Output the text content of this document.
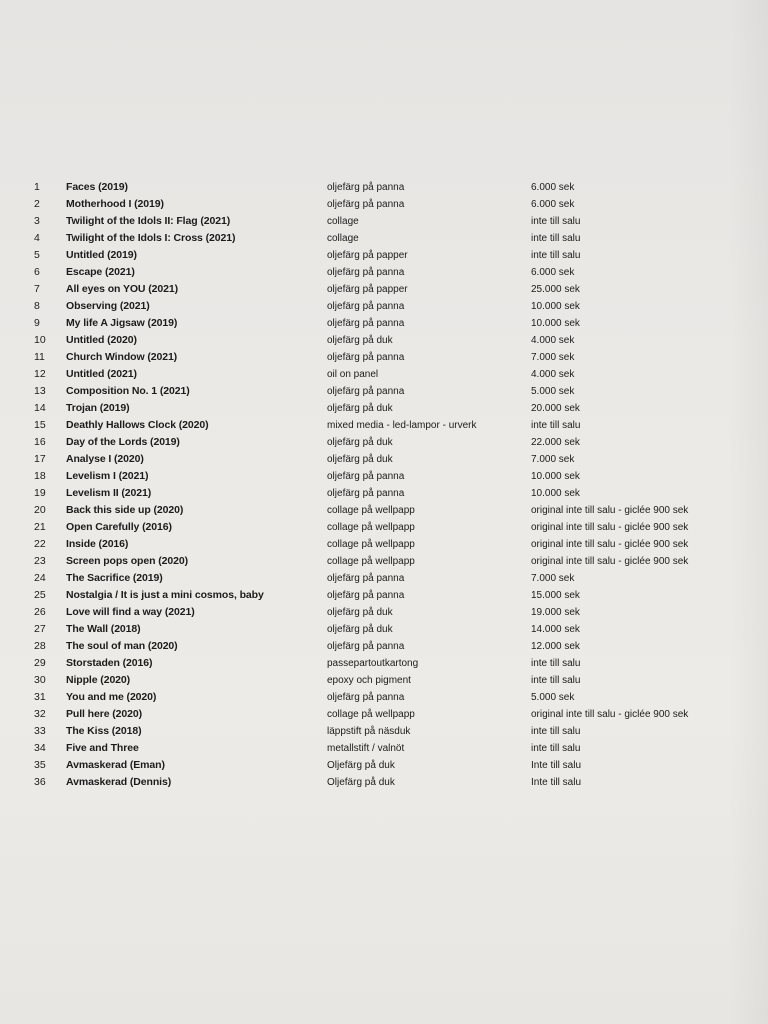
1	Faces (2019)	oljefärg på panna	6.000 sek
2	Motherhood I (2019)	oljefärg på panna	6.000 sek
3	Twilight of the Idols II: Flag (2021)	collage	inte till salu
4	Twilight of the Idols I: Cross (2021)	collage	inte till salu
5	Untitled (2019)	oljefärg på papper	inte till salu
6	Escape (2021)	oljefärg på panna	6.000 sek
7	All eyes on YOU (2021)	oljefärg på papper	25.000 sek
8	Observing (2021)	oljefärg på panna	10.000 sek
9	My life A Jigsaw (2019)	oljefärg på panna	10.000 sek
10	Untitled (2020)	oljefärg på duk	4.000 sek
11	Church Window (2021)	oljefärg på panna	7.000 sek
12	Untitled (2021)	oil on panel	4.000 sek
13	Composition No. 1 (2021)	oljefärg på panna	5.000 sek
14	Trojan (2019)	oljefärg på duk	20.000 sek
15	Deathly Hallows Clock (2020)	mixed media - led-lampor - urverk	inte till salu
16	Day of the Lords (2019)	oljefärg på duk	22.000 sek
17	Analyse I (2020)	oljefärg på duk	7.000 sek
18	Levelism I (2021)	oljefärg på panna	10.000 sek
19	Levelism II (2021)	oljefärg på panna	10.000 sek
20	Back this side up (2020)	collage på wellpapp	original inte till salu - giclée 900 sek
21	Open Carefully (2016)	collage på wellpapp	original inte till salu - giclée 900 sek
22	Inside (2016)	collage på wellpapp	original inte till salu - giclée 900 sek
23	Screen pops open (2020)	collage på wellpapp	original inte till salu - giclée 900 sek
24	The Sacrifice (2019)	oljefärg på panna	7.000 sek
25	Nostalgia / It is just a mini cosmos, baby	oljefärg på panna	15.000 sek
26	Love will find a way (2021)	oljefärg på duk	19.000 sek
27	The Wall (2018)	oljefärg på duk	14.000 sek
28	The soul of man (2020)	oljefärg på panna	12.000 sek
29	Storstaden (2016)	passepartoutkartong	inte till salu
30	Nipple (2020)	epoxy och pigment	inte till salu
31	You and me (2020)	oljefärg på panna	5.000 sek
32	Pull here (2020)	collage på wellpapp	original inte till salu - giclée 900 sek
33	The Kiss (2018)	läppstift på näsduk	inte till salu
34	Five and Three	metallstift / valnöt	inte till salu
35	Avmaskerad (Eman)	Oljefärg på duk	Inte till salu
36	Avmaskerad (Dennis)	Oljefärg på duk	Inte till salu
